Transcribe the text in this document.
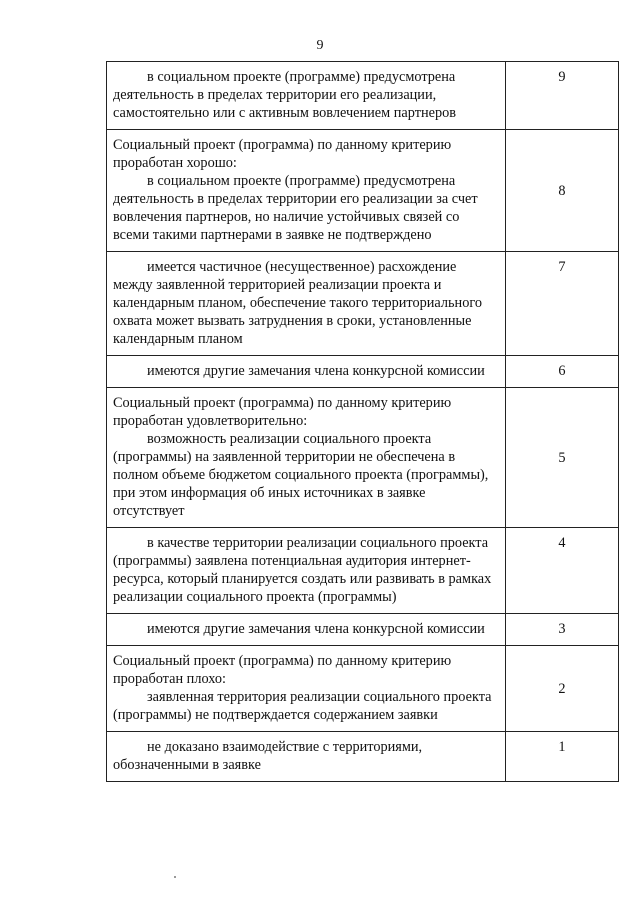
9

в социальном проекте (программе) предусмотрена деятельность в пределах территории его реализации, самостоятельно или с активным вовлечением партнеров	9

Социальный проект (программа) по данному критерию проработан хорошо:

в социальном проекте (программе) предусмотрена деятельность в пределах территории его реализации за счет вовлечения партнеров, но наличие устойчивых связей со всеми такими партнерами в заявке не подтверждено	8

имеется частичное (несущественное) расхождение между заявленной территорией реализации проекта и календарным планом, обеспечение такого территориального охвата может вызвать затруднения в сроки, установленные календарным планом	7

имеются другие замечания члена конкурсной комиссии	6

Социальный проект (программа) по данному критерию проработан удовлетворительно:

возможность реализации социального проекта (программы) на заявленной территории не обеспечена в полном объеме бюджетом социального проекта (программы), при этом информация об иных источниках в заявке отсутствует	5

в качестве территории реализации социального проекта (программы) заявлена потенциальная аудитория интернет-ресурса, который планируется создать или развивать в рамках реализации социального проекта (программы)	4

имеются другие замечания члена конкурсной комиссии	3

Социальный проект (программа) по данному критерию проработан плохо:

заявленная территория реализации социального проекта (программы) не подтверждается содержанием заявки	2

не доказано взаимодействие с территориями, обозначенными в заявке	1
